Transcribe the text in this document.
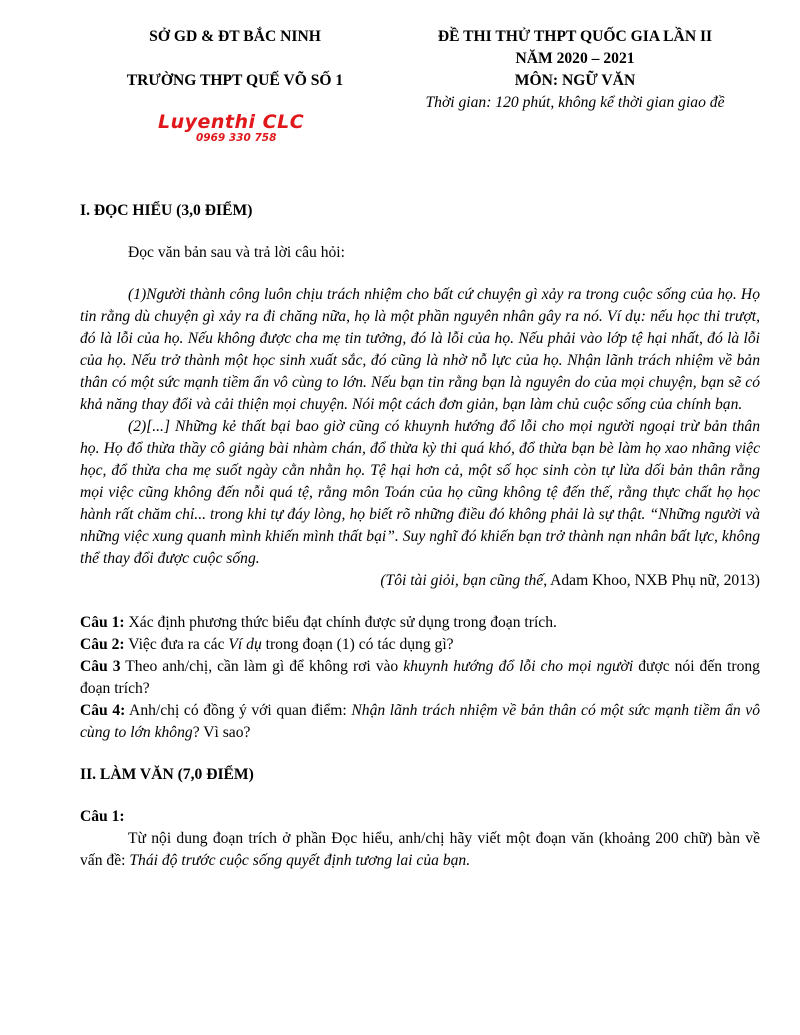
SỞ GD & ĐT BẮC NINH
TRƯỜNG THPT QUẾ VÕ SỐ 1
ĐỀ THI THỬ THPT QUỐC GIA LẦN II
NĂM 2020 – 2021
MÔN: NGỮ VĂN
Thời gian: 120 phút, không kể thời gian giao đề
Luyenthi CLC
0969 330 758

I. ĐỌC HIỂU (3,0 ĐIỂM)

Đọc văn bản sau và trả lời câu hỏi:

(1)Người thành công luôn chịu trách nhiệm cho bất cứ chuyện gì xảy ra trong cuộc sống của họ. Họ tin rằng dù chuyện gì xảy ra đi chăng nữa, họ là một phần nguyên nhân gây ra nó. Ví dụ: nếu học thi trượt, đó là lỗi của họ. Nếu không được cha mẹ tin tưởng, đó là lỗi của họ. Nếu phải vào lớp tệ hại nhất, đó là lỗi của họ. Nếu trở thành một học sinh xuất sắc, đó cũng là nhờ nỗ lực của họ. Nhận lãnh trách nhiệm về bản thân có một sức mạnh tiềm ẩn vô cùng to lớn. Nếu bạn tin rằng bạn là nguyên do của mọi chuyện, bạn sẽ có khả năng thay đổi và cải thiện mọi chuyện. Nói một cách đơn giản, bạn làm chủ cuộc sống của chính bạn.

(2)[...] Những kẻ thất bại bao giờ cũng có khuynh hướng đổ lỗi cho mọi người ngoại trừ bản thân họ. Họ đổ thừa thầy cô giảng bài nhàm chán, đổ thừa kỳ thi quá khó, đổ thừa bạn bè làm họ xao nhãng việc học, đổ thừa cha mẹ suốt ngày cằn nhằn họ. Tệ hại hơn cả, một số học sinh còn tự lừa dối bản thân rằng mọi việc cũng không đến nỗi quá tệ, rằng môn Toán của họ cũng không tệ đến thế, rằng thực chất họ học hành rất chăm chỉ... trong khi tự đáy lòng, họ biết rõ những điều đó không phải là sự thật. “Những người và những việc xung quanh mình khiến mình thất bại”. Suy nghĩ đó khiến bạn trở thành nạn nhân bất lực, không thể thay đổi được cuộc sống.

(Tôi tài giỏi, bạn cũng thế, Adam Khoo, NXB Phụ nữ, 2013)

Câu 1: Xác định phương thức biểu đạt chính được sử dụng trong đoạn trích.

Câu 2: Việc đưa ra các Ví dụ trong đoạn (1) có tác dụng gì?

Câu 3 Theo anh/chị, cần làm gì để không rơi vào khuynh hướng đổ lỗi cho mọi người được nói đến trong đoạn trích?

Câu 4: Anh/chị có đồng ý với quan điểm: Nhận lãnh trách nhiệm về bản thân có một sức mạnh tiềm ẩn vô cùng to lớn không? Vì sao?

II. LÀM VĂN (7,0 ĐIỂM)

Câu 1:

Từ nội dung đoạn trích ở phần Đọc hiểu, anh/chị hãy viết một đoạn văn (khoảng 200 chữ) bàn về vấn đề: Thái độ trước cuộc sống quyết định tương lai của bạn.
